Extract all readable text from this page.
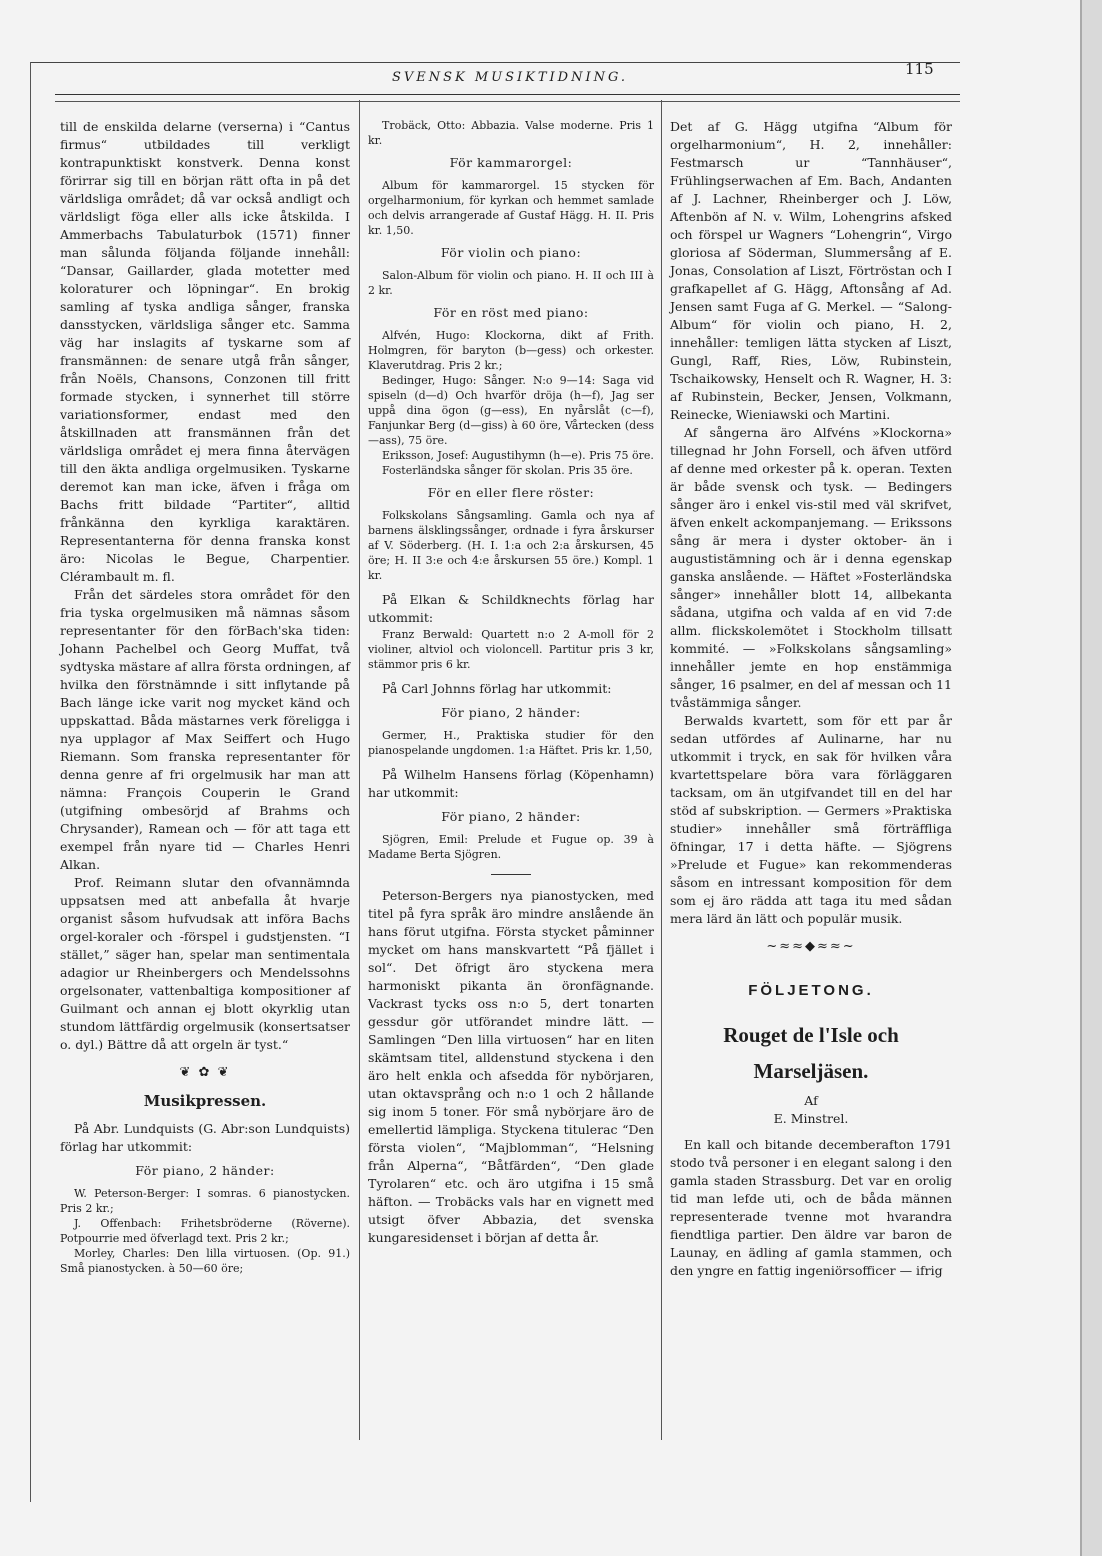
SVENSK MUSIKTIDNING.	115

till de enskilda delarne (verserna) i “Cantus firmus“ utbildades till verkligt kontrapunktiskt konstverk. Denna konst förirrar sig till en början rätt ofta in på det världsliga området; då var också andligt och världsligt föga eller alls icke åtskilda. I Ammerbachs Tabulaturbok (1571) finner man sålunda följanda följande innehåll: “Dansar, Gaillarder, glada motetter med koloraturer och löpningar“. En brokig samling af tyska andliga sånger, franska dansstycken, världsliga sånger etc. Samma väg har inslagits af tyskarne som af fransmännen: de senare utgå från sånger, från Noëls, Chansons, Conzonen till fritt formade stycken, i synnerhet till större variationsformer, endast med den åtskillnaden att fransmännen från det världsliga området ej mera finna återvägen till den äkta andliga orgelmusiken. Tyskarne deremot kan man icke, äfven i fråga om Bachs fritt bildade “Partiter“, alltid frånkänna den kyrkliga karaktären. Representanterna för denna franska konst äro: Nicolas le Begue, Charpentier. Clérambault m. fl.

Från det särdeles stora området för den fria tyska orgelmusiken må nämnas såsom representanter för den förBach'ska tiden: Johann Pachelbel och Georg Muffat, två sydtyska mästare af allra första ordningen, af hvilka den förstnämnde i sitt inflytande på Bach länge icke varit nog mycket känd och uppskattad. Båda mästarnes verk föreligga i nya upplagor af Max Seiffert och Hugo Riemann. Som franska representanter för denna genre af fri orgelmusik har man att nämna: François Couperin le Grand (utgifning ombesörjd af Brahms och Chrysander), Ramean och — för att taga ett exempel från nyare tid — Charles Henri Alkan.

Prof. Reimann slutar den ofvannämnda uppsatsen med att anbefalla åt hvarje organist såsom hufvudsak att införa Bachs orgel-koraler och -förspel i gudstjensten. “I stället,” säger han, spelar man sentimentala adagior ur Rheinbergers och Mendelssohns orgelsonater, vattenbaltiga kompositioner af Guilmant och annan ej blott okyrklig utan stundom lättfärdig orgelmusik (konsertsatser o. dyl.) Bättre då att orgeln är tyst.“

❦ ✿ ❦
Musikpressen.

På Abr. Lundquists (G. Abr:son Lundquists) förlag har utkommit:

För piano, 2 händer:

W. Peterson-Berger: I somras. 6 pianostycken. Pris 2 kr.;

J. Offenbach: Frihetsbröderne (Röverne). Potpourrie med öfverlagd text. Pris 2 kr.;

Morley, Charles: Den lilla virtuosen. (Op. 91.) Små pianostycken. à 50—60 öre;

Trobäck, Otto: Abbazia. Valse moderne. Pris 1 kr.

För kammarorgel:

Album för kammarorgel. 15 stycken för orgelharmonium, för kyrkan och hemmet samlade och delvis arrangerade af Gustaf Hägg. H. II. Pris kr. 1,50.

För violin och piano:

Salon-Album för violin och piano. H. II och III à 2 kr.

För en röst med piano:

Alfvén, Hugo: Klockorna, dikt af Frith. Holmgren, för baryton (b—gess) och orkester. Klaverutdrag. Pris 2 kr.;

Bedinger, Hugo: Sånger. N:o 9—14: Saga vid spiseln (d—d) Och hvarför dröja (h—f), Jag ser uppå dina ögon (g—ess), En nyårslåt (c—f), Fanjunkar Berg (d—giss) à 60 öre, Vårtecken (dess—ass), 75 öre.

Eriksson, Josef: Augustihymn (h—e). Pris 75 öre.

Fosterländska sånger för skolan. Pris 35 öre.

För en eller flere röster:

Folkskolans Sångsamling. Gamla och nya af barnens älsklingssånger, ordnade i fyra årskurser af V. Söderberg. (H. I. 1:a och 2:a årskursen, 45 öre; H. II 3:e och 4:e årskursen 55 öre.) Kompl. 1 kr.

På Elkan & Schildknechts förlag har utkommit:

Franz Berwald: Quartett n:o 2 A-moll för 2 violiner, altviol och violoncell. Partitur pris 3 kr, stämmor pris 6 kr.

På Carl Johnns förlag har utkommit:

För piano, 2 händer:

Germer, H., Praktiska studier för den pianospelande ungdomen. 1:a Häftet. Pris kr. 1,50,

På Wilhelm Hansens förlag (Köpenhamn) har utkommit:

För piano, 2 händer:

Sjögren, Emil: Prelude et Fugue op. 39 à Madame Berta Sjögren.

Peterson-Bergers nya pianostycken, med titel på fyra språk äro mindre anslående än hans förut utgifna. Första stycket påminner mycket om hans manskvartett “På fjället i sol“. Det öfrigt äro styckena mera harmoniskt pikanta än öronfägnande. Vackrast tycks oss n:o 5, dert tonarten gessdur gör utförandet mindre lätt. — Samlingen “Den lilla virtuosen“ har en liten skämtsam titel, alldenstund styckena i den äro helt enkla och afsedda för nybörjaren, utan oktavsprång och n:o 1 och 2 hållande sig inom 5 toner. För små nybörjare äro de emellertid lämpliga. Styckena titulerас “Den första violen“, “Majblomman“, “Helsning från Alperna“, “Båtfärden“, “Den glade Tyrolaren“ etc. och äro utgifna i 15 små häfton. — Trobäcks vals har en vignett med utsigt öfver Abbazia, det svenska kungaresidenset i början af detta år.

Det af G. Hägg utgifna “Album för orgelharmonium“, H. 2, innehåller: Festmarsch ur “Tannhäuser“, Frühlingserwachen af Em. Bach, Andanten af J. Lachner, Rheinberger och J. Löw, Aftenbön af N. v. Wilm, Lohengrins afsked och förspel ur Wagners “Lohengrin“, Virgo gloriosa af Söderman, Slummersång af E. Jonas, Consolation af Liszt, Förtröstan och I grafkapellet af G. Hägg, Aftonsång af Ad. Jensen samt Fuga af G. Merkel. — “Salong-Album“ för violin och piano, H. 2, innehåller: temligen lätta stycken af Liszt, Gungl, Raff, Ries, Löw, Rubinstein, Tschaikowsky, Henselt och R. Wagner, H. 3: af Rubinstein, Becker, Jensen, Volkmann, Reinecke, Wieniawski och Martini.

Af sångerna äro Alfvéns »Klockorna» tillegnad hr John Forsell, och äfven utförd af denne med orkester på k. operan. Texten är både svensk och tysk. — Bedingers sånger äro i enkel vis-stil med väl skrifvet, äfven enkelt ackompanjemang. — Erikssons sång är mera i dyster oktober- än i augustistämning och är i denna egenskap ganska anslående. — Häftet »Fosterländska sånger» innehåller blott 14, allbekanta sådana, utgifna och valda af en vid 7:de allm. flickskolemötet i Stockholm tillsatt kommité. — »Folkskolans sångsamling» innehåller jemte en hop enstämmiga sånger, 16 psalmer, en del af messan och 11 tvåstämmiga sånger.

Berwalds kvartett, som för ett par år sedan utfördes af Aulinarne, har nu utkommit i tryck, en sak för hvilken våra kvartettspelare böra vara förläggaren tacksam, om än utgifvandet till en del har stöd af subskription. — Germers »Praktiska studier» innehåller små förträffliga öfningar, 17 i detta häfte. — Sjögrens »Prelude et Fugue» kan rekommenderas såsom en intressant komposition för dem som ej äro rädda att taga itu med sådan mera lärd än lätt och populär musik.

~≈≈◆≈≈~
FÖLJETONG.
Rouget de l'Isle och
Marseljäsen.
Af
E. Minstrel.

En kall och bitande decemberafton 1791 stodo två personer i en elegant salong i den gamla staden Strassburg. Det var en orolig tid man lefde uti, och de båda männen representerade tvenne mot hvarandra fiendtliga partier. Den äldre var baron de Launay, en ädling af gamla stammen, och den yngre en fattig ingeniörsofficer — ifrig
